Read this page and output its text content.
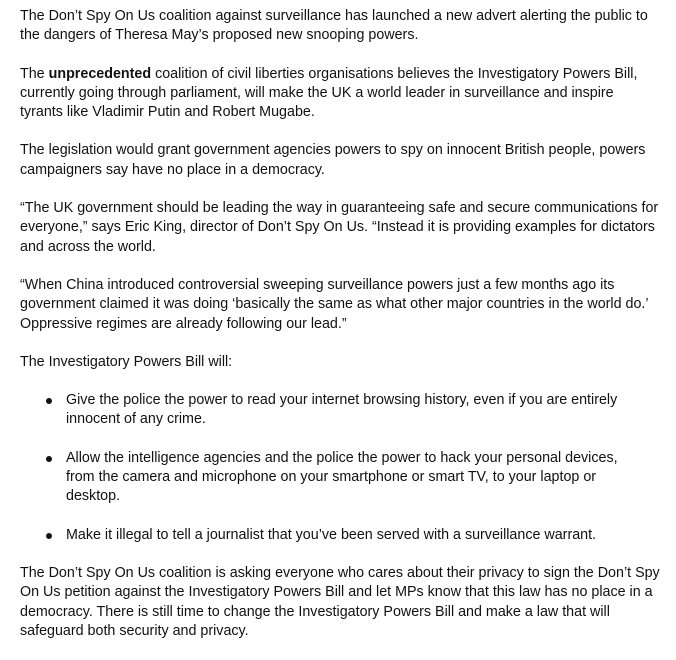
The Don’t Spy On Us coalition against surveillance has launched a new advert alerting the public to the dangers of Theresa May’s proposed new snooping powers.

The unprecedented coalition of civil liberties organisations believes the Investigatory Powers Bill, currently going through parliament, will make the UK a world leader in surveillance and inspire tyrants like Vladimir Putin and Robert Mugabe.

The legislation would grant government agencies powers to spy on innocent British people, powers campaigners say have no place in a democracy.

“The UK government should be leading the way in guaranteeing safe and secure communications for everyone,” says Eric King, director of Don’t Spy On Us. “Instead it is providing examples for dictators and across the world.

“When China introduced controversial sweeping surveillance powers just a few months ago its government claimed it was doing ‘basically the same as what other major countries in the world do.’ Oppressive regimes are already following our lead.”

The Investigatory Powers Bill will:

Give the police the power to read your internet browsing history, even if you are entirely innocent of any crime.
Allow the intelligence agencies and the police the power to hack your personal devices, from the camera and microphone on your smartphone or smart TV, to your laptop or desktop.
Make it illegal to tell a journalist that you’ve been served with a surveillance warrant.

The Don’t Spy On Us coalition is asking everyone who cares about their privacy to sign the Don’t Spy On Us petition against the Investigatory Powers Bill and let MPs know that this law has no place in a democracy. There is still time to change the Investigatory Powers Bill and make a law that will safeguard both security and privacy.
